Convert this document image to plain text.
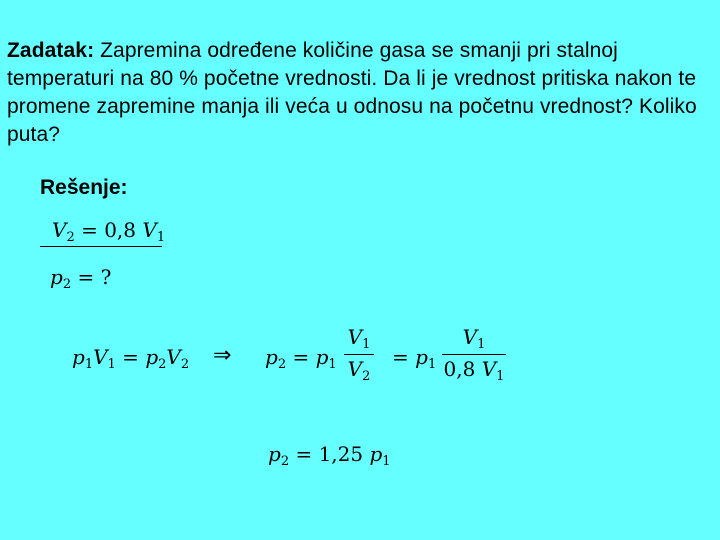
Zadatak: Zapremina određene količine gasa se smanji pri stalnoj temperaturi na 80 % početne vrednosti. Da li je vrednost pritiska nakon te promene zapremine manja ili veća u odnosu na početnu vrednost? Koliko puta?
Rešenje:
$V_2 = 0,8$ $V_1$
$p_2$ = ?
$p_1V_1 = p_2V_2$ ⇒ $p_2 = p_1$
$V_1$
$V_2$
= $p_1$
$V_1$
0,8 $V_1$
$p_2 = 1,25$ $p_1$
